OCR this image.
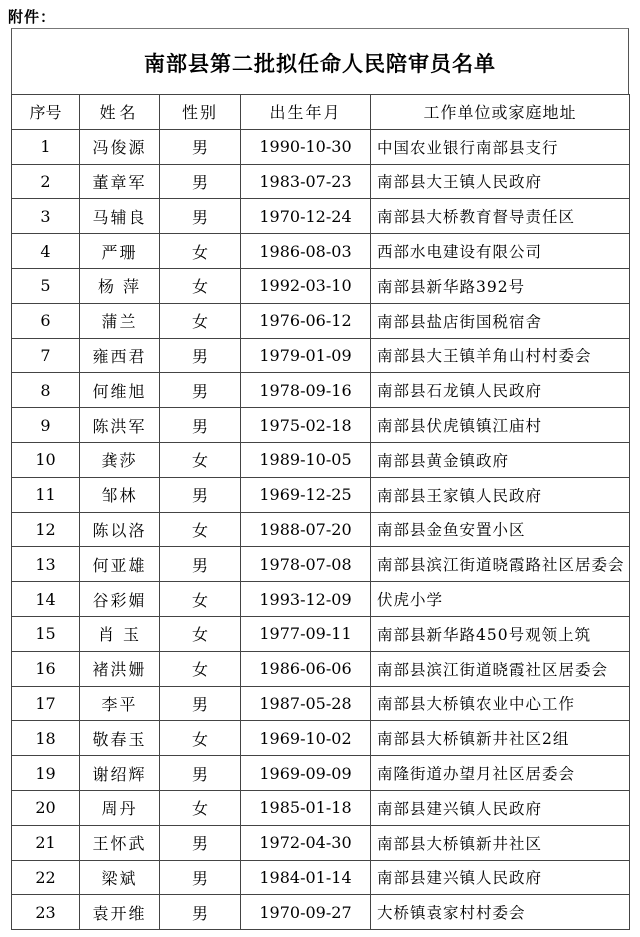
附件：
南部县第二批拟任命人民陪审员名单
序号	姓名	性别	出生年月	工作单位或家庭地址
1	冯俊源	男	1990-10-30	中国农业银行南部县支行
2	董章军	男	1983-07-23	南部县大王镇人民政府
3	马辅良	男	1970-12-24	南部县大桥教育督导责任区
4	严珊	女	1986-08-03	西部水电建设有限公司
5	杨 萍	女	1992-03-10	南部县新华路392号
6	蒲兰	女	1976-06-12	南部县盐店街国税宿舍
7	雍西君	男	1979-01-09	南部县大王镇羊角山村村委会
8	何维旭	男	1978-09-16	南部县石龙镇人民政府
9	陈洪军	男	1975-02-18	南部县伏虎镇镇江庙村
10	龚莎	女	1989-10-05	南部县黄金镇政府
11	邹林	男	1969-12-25	南部县王家镇人民政府
12	陈以洛	女	1988-07-20	南部县金鱼安置小区
13	何亚雄	男	1978-07-08	南部县滨江街道晓霞路社区居委会
14	谷彩媚	女	1993-12-09	伏虎小学
15	肖 玉	女	1977-09-11	南部县新华路450号观领上筑
16	褚洪姗	女	1986-06-06	南部县滨江街道晓霞社区居委会
17	李平	男	1987-05-28	南部县大桥镇农业中心工作
18	敬春玉	女	1969-10-02	南部县大桥镇新井社区2组
19	谢绍辉	男	1969-09-09	南隆街道办望月社区居委会
20	周丹	女	1985-01-18	南部县建兴镇人民政府
21	王怀武	男	1972-04-30	南部县大桥镇新井社区
22	梁斌	男	1984-01-14	南部县建兴镇人民政府
23	袁开维	男	1970-09-27	大桥镇袁家村村委会
